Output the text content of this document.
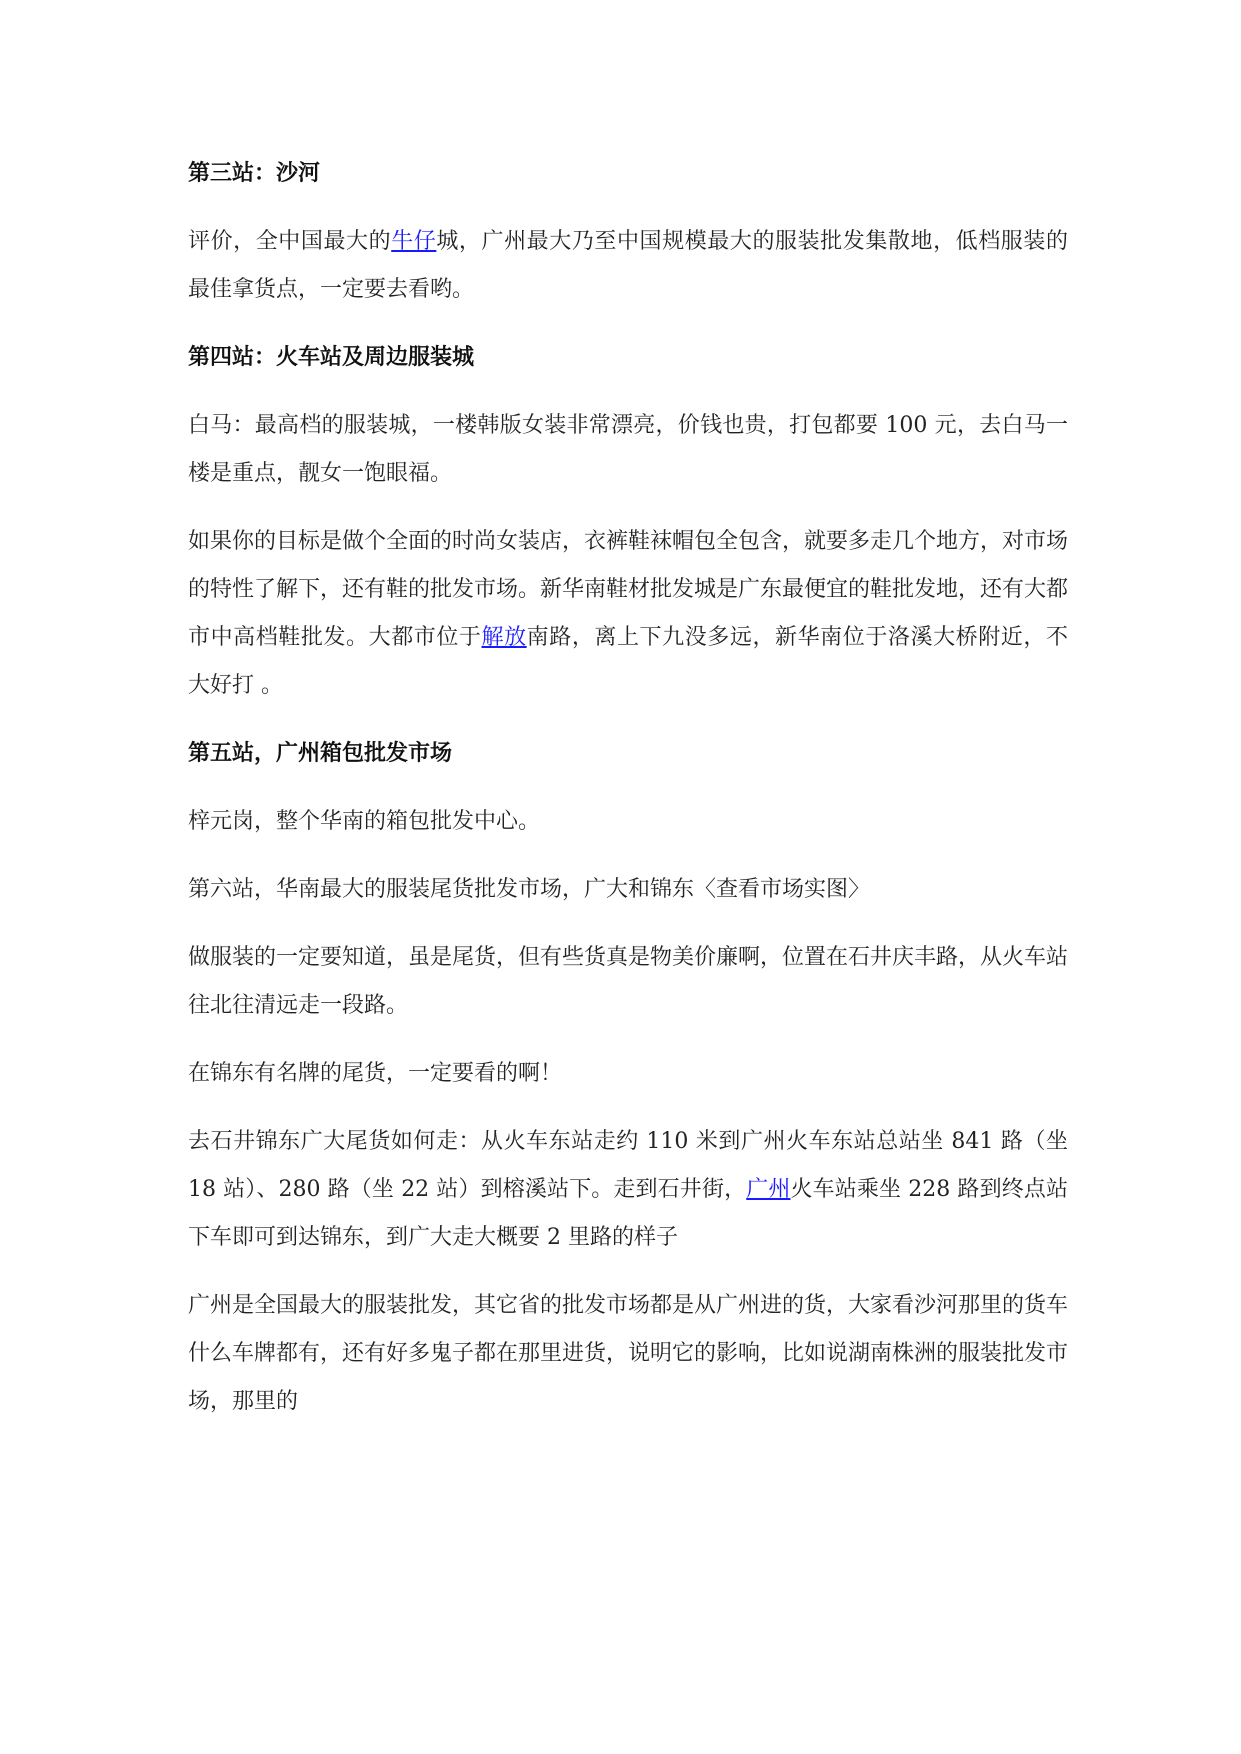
第三站：沙河

评价，全中国最大的牛仔城，广州最大乃至中国规模最大的服装批发集散地，低档服装的最佳拿货点，一定要去看哟。

第四站：火车站及周边服装城

白马：最高档的服装城，一楼韩版女装非常漂亮，价钱也贵，打包都要 100 元，去白马一楼是重点，靓女一饱眼福。

如果你的目标是做个全面的时尚女装店，衣裤鞋袜帽包全包含，就要多走几个地方，对市场的特性了解下，还有鞋的批发市场。新华南鞋材批发城是广东最便宜的鞋批发地，还有大都市中高档鞋批发。大都市位于解放南路，离上下九没多远，新华南位于洛溪大桥附近，不大好打 。

第五站，广州箱包批发市场

梓元岗，整个华南的箱包批发中心。

第六站，华南最大的服装尾货批发市场，广大和锦东〈查看市场实图〉

做服装的一定要知道，虽是尾货，但有些货真是物美价廉啊，位置在石井庆丰路，从火车站往北往清远走一段路。

在锦东有名牌的尾货，一定要看的啊！

去石井锦东广大尾货如何走：从火车东站走约 110 米到广州火车东站总站坐 841 路（坐 18 站）、280 路（坐 22 站）到榕溪站下。走到石井街，广州火车站乘坐 228 路到终点站下车即可到达锦东，到广大走大概要 2 里路的样子

广州是全国最大的服装批发，其它省的批发市场都是从广州进的货，大家看沙河那里的货车什么车牌都有，还有好多鬼子都在那里进货，说明它的影响，比如说湖南株洲的服装批发市场，那里的
